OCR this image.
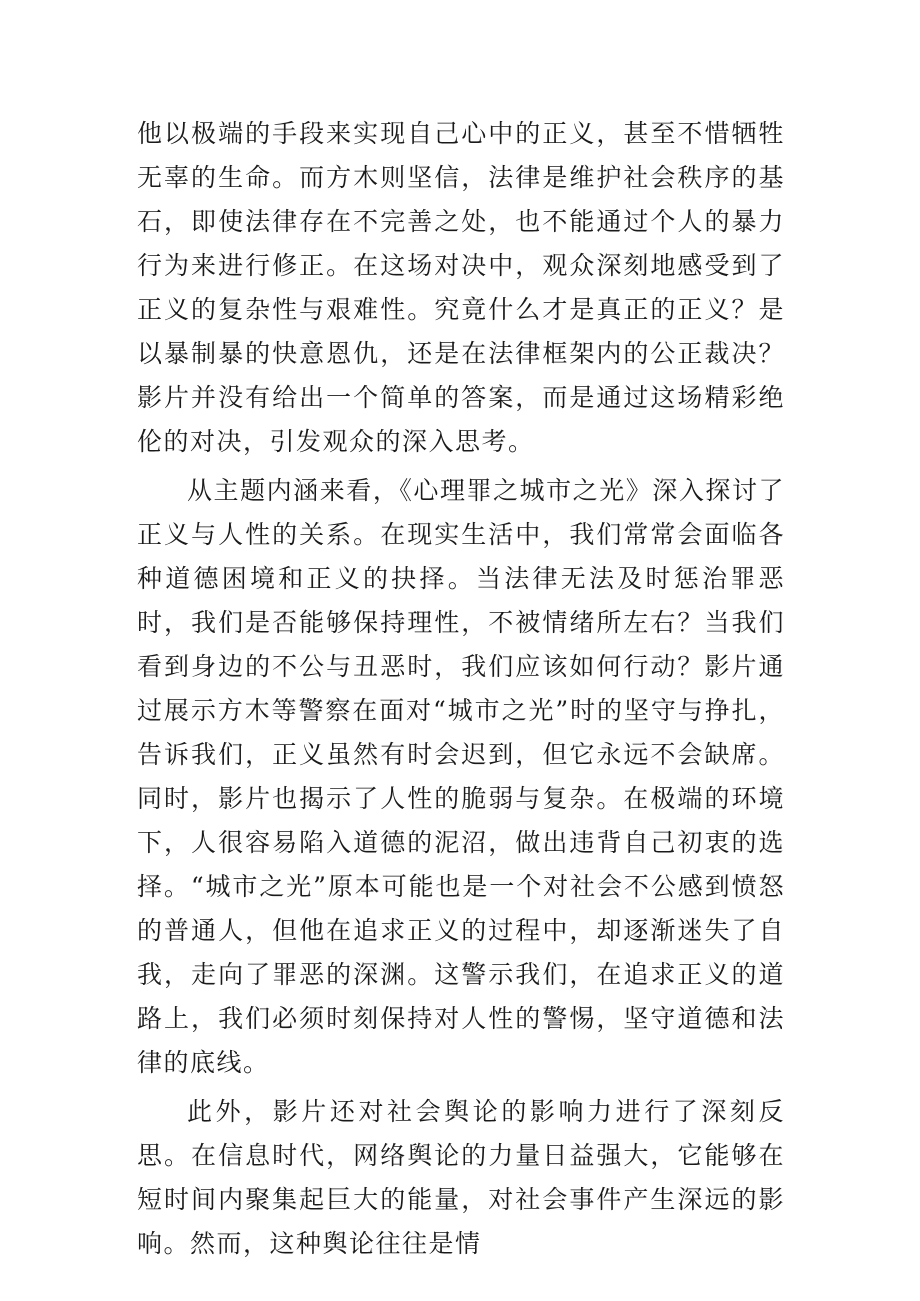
他以极端的手段来实现自己心中的正义，甚至不惜牺牲无辜的生命。而方木则坚信，法律是维护社会秩序的基石，即使法律存在不完善之处，也不能通过个人的暴力行为来进行修正。在这场对决中，观众深刻地感受到了正义的复杂性与艰难性。究竟什么才是真正的正义？是以暴制暴的快意恩仇，还是在法律框架内的公正裁决？影片并没有给出一个简单的答案，而是通过这场精彩绝伦的对决，引发观众的深入思考。

从主题内涵来看，《心理罪之城市之光》深入探讨了正义与人性的关系。在现实生活中，我们常常会面临各种道德困境和正义的抉择。当法律无法及时惩治罪恶时，我们是否能够保持理性，不被情绪所左右？当我们看到身边的不公与丑恶时，我们应该如何行动？影片通过展示方木等警察在面对“城市之光”时的坚守与挣扎，告诉我们，正义虽然有时会迟到，但它永远不会缺席。同时，影片也揭示了人性的脆弱与复杂。在极端的环境下，人很容易陷入道德的泥沼，做出违背自己初衷的选择。“城市之光”原本可能也是一个对社会不公感到愤怒的普通人，但他在追求正义的过程中，却逐渐迷失了自我，走向了罪恶的深渊。这警示我们，在追求正义的道路上，我们必须时刻保持对人性的警惕，坚守道德和法律的底线。

此外，影片还对社会舆论的影响力进行了深刻反思。在信息时代，网络舆论的力量日益强大，它能够在短时间内聚集起巨大的能量，对社会事件产生深远的影响。然而，这种舆论往往是情
